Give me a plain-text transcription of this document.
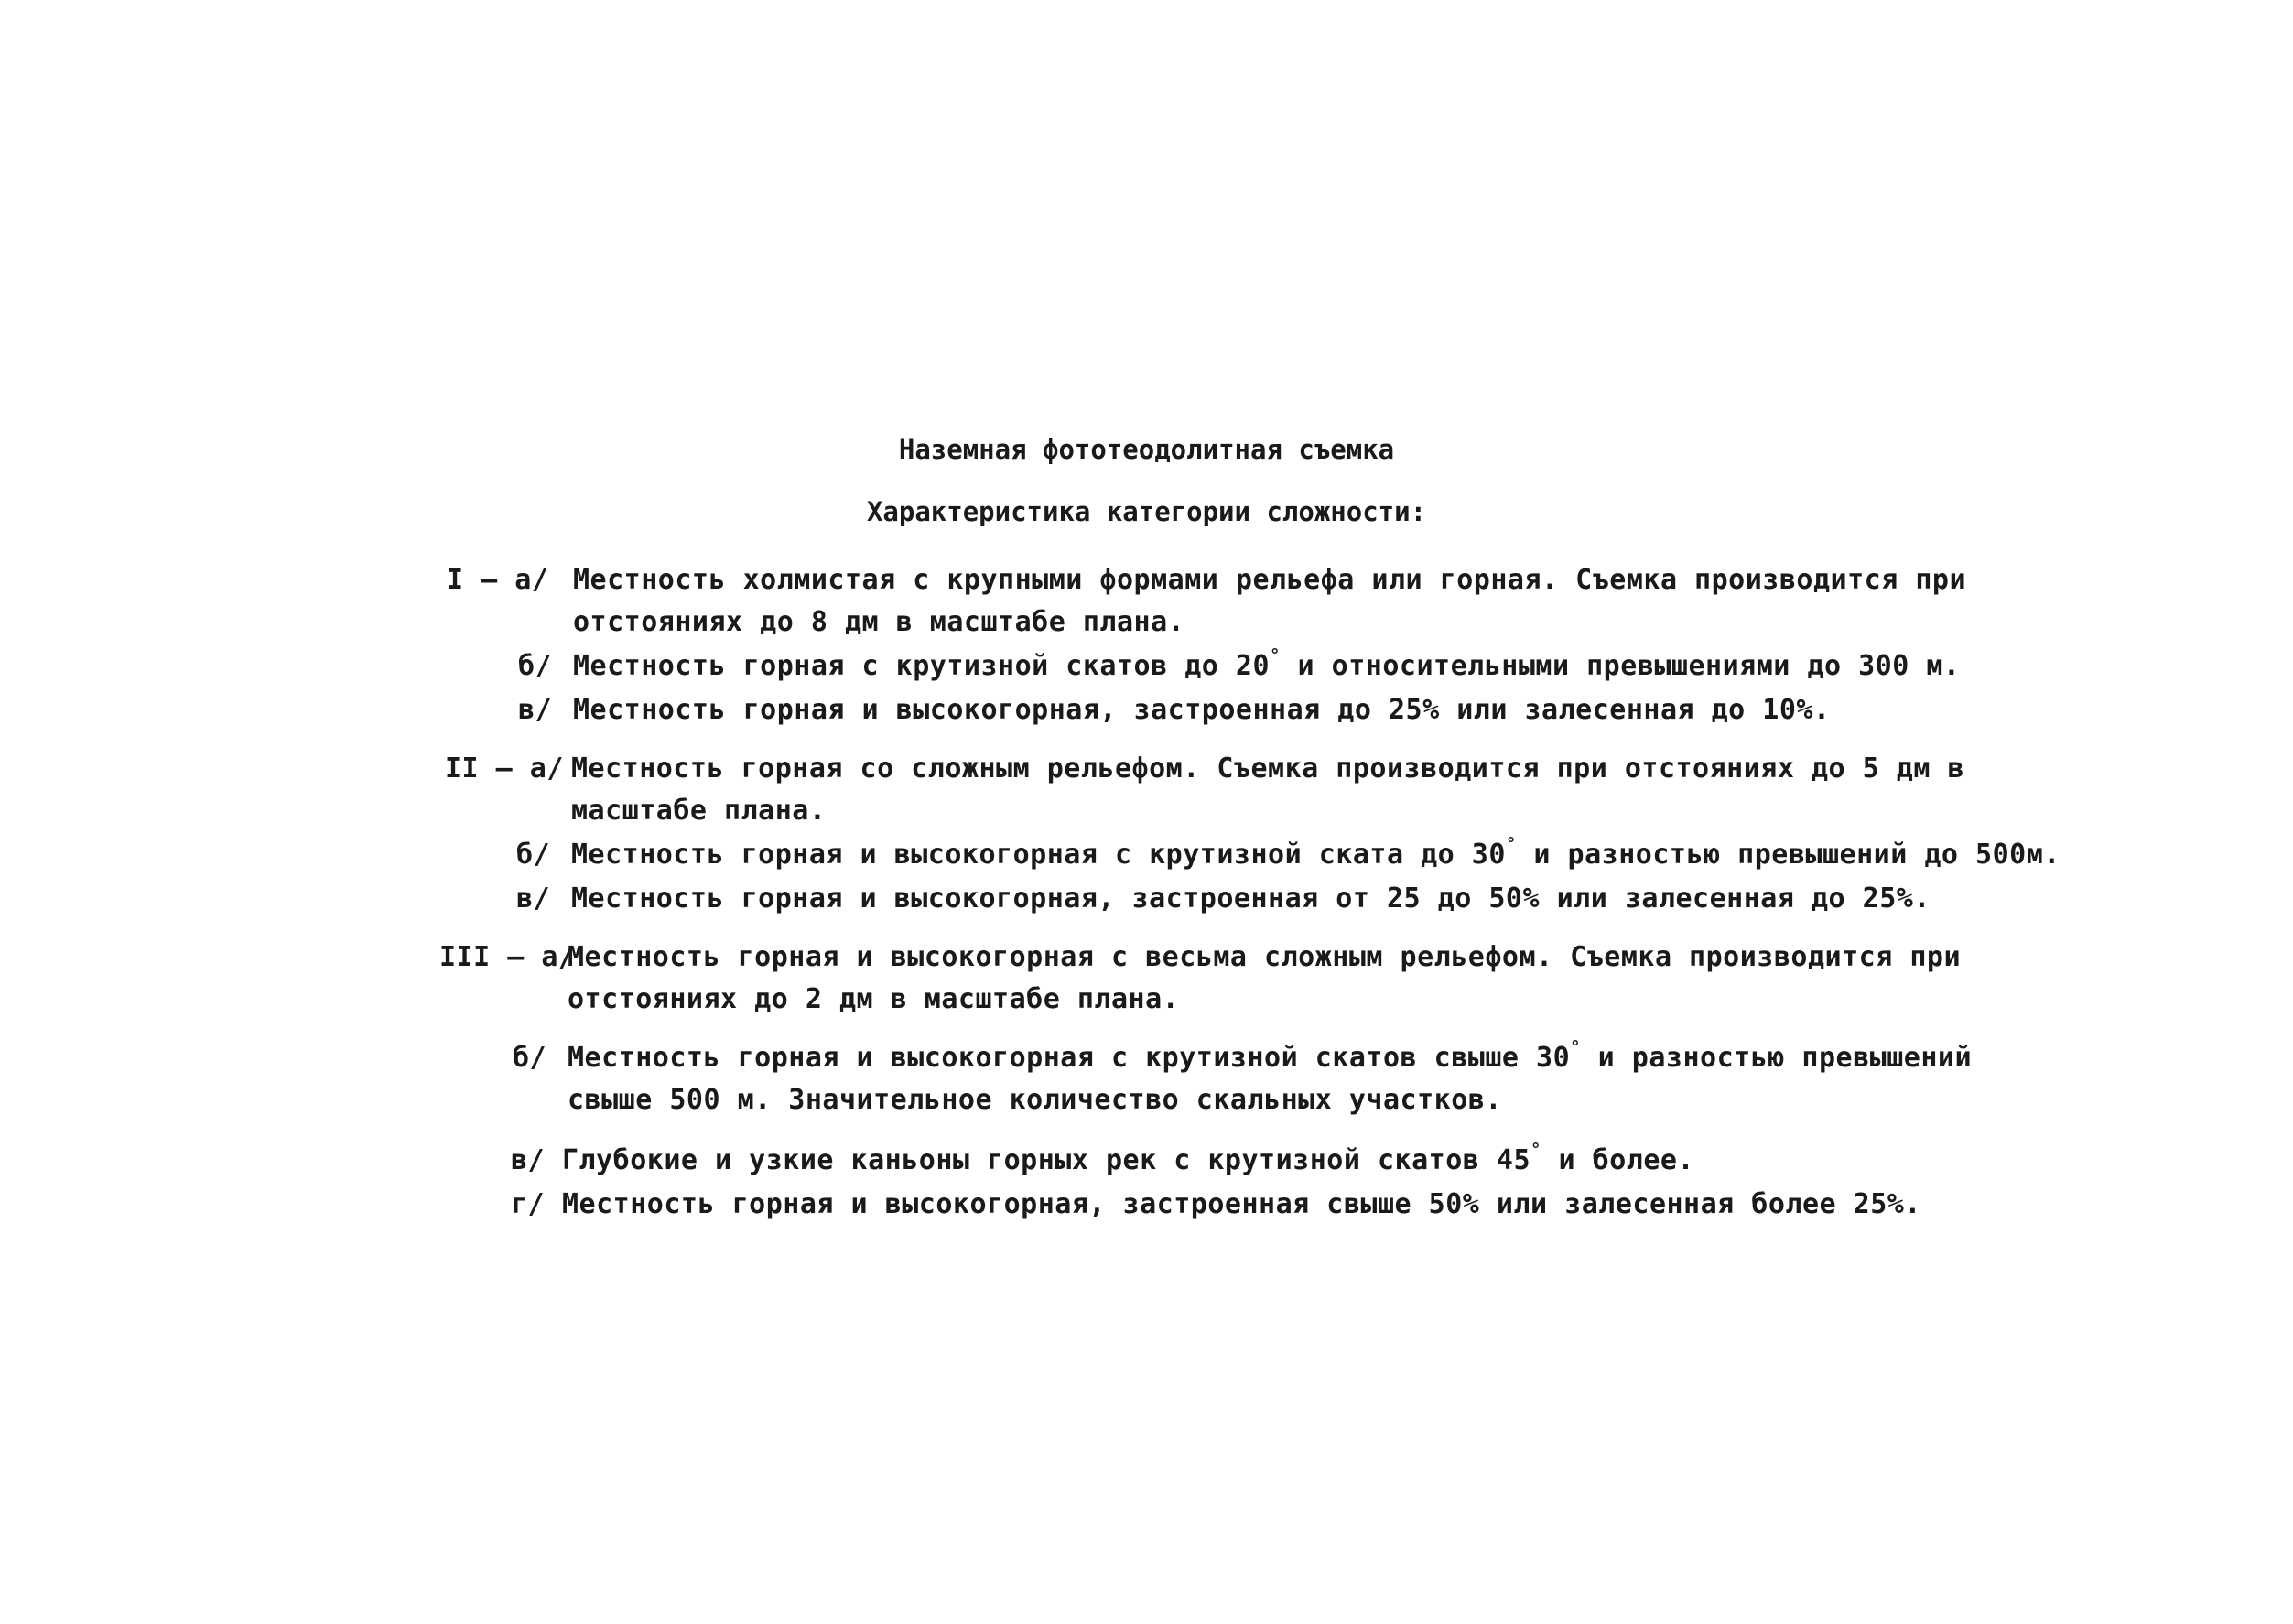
Наземная фототеодолитная съемка
Характеристика категории сложности:
I – а/ Местность холмистая с крупными формами рельефа или горная. Съемка производится при
отстояниях до 8 дм в масштабе плана.
б/ Местность горная с крутизной скатов до 20° и относительными превышениями до 300 м.
в/ Местность горная и высокогорная, застроенная до 25% или залесенная до 10%.
II – а/ Местность горная со сложным рельефом. Съемка производится при отстояниях до 5 дм в
масштабе плана.
б/ Местность горная и высокогорная с крутизной ската до 30° и разностью превышений до 500м.
в/ Местность горная и высокогорная, застроенная от 25 до 50% или залесенная до 25%.
III – а/
Местность горная и высокогорная с весьма сложным рельефом. Съемка производится при
отстояниях до 2 дм в масштабе плана.
б/ Местность горная и высокогорная с крутизной скатов свыше 30° и разностью превышений
свыше 500 м. Значительное количество скальных участков.
в/ Глубокие и узкие каньоны горных рек с крутизной скатов 45° и более.
г/ Местность горная и высокогорная, застроенная свыше 50% или залесенная более 25%.
